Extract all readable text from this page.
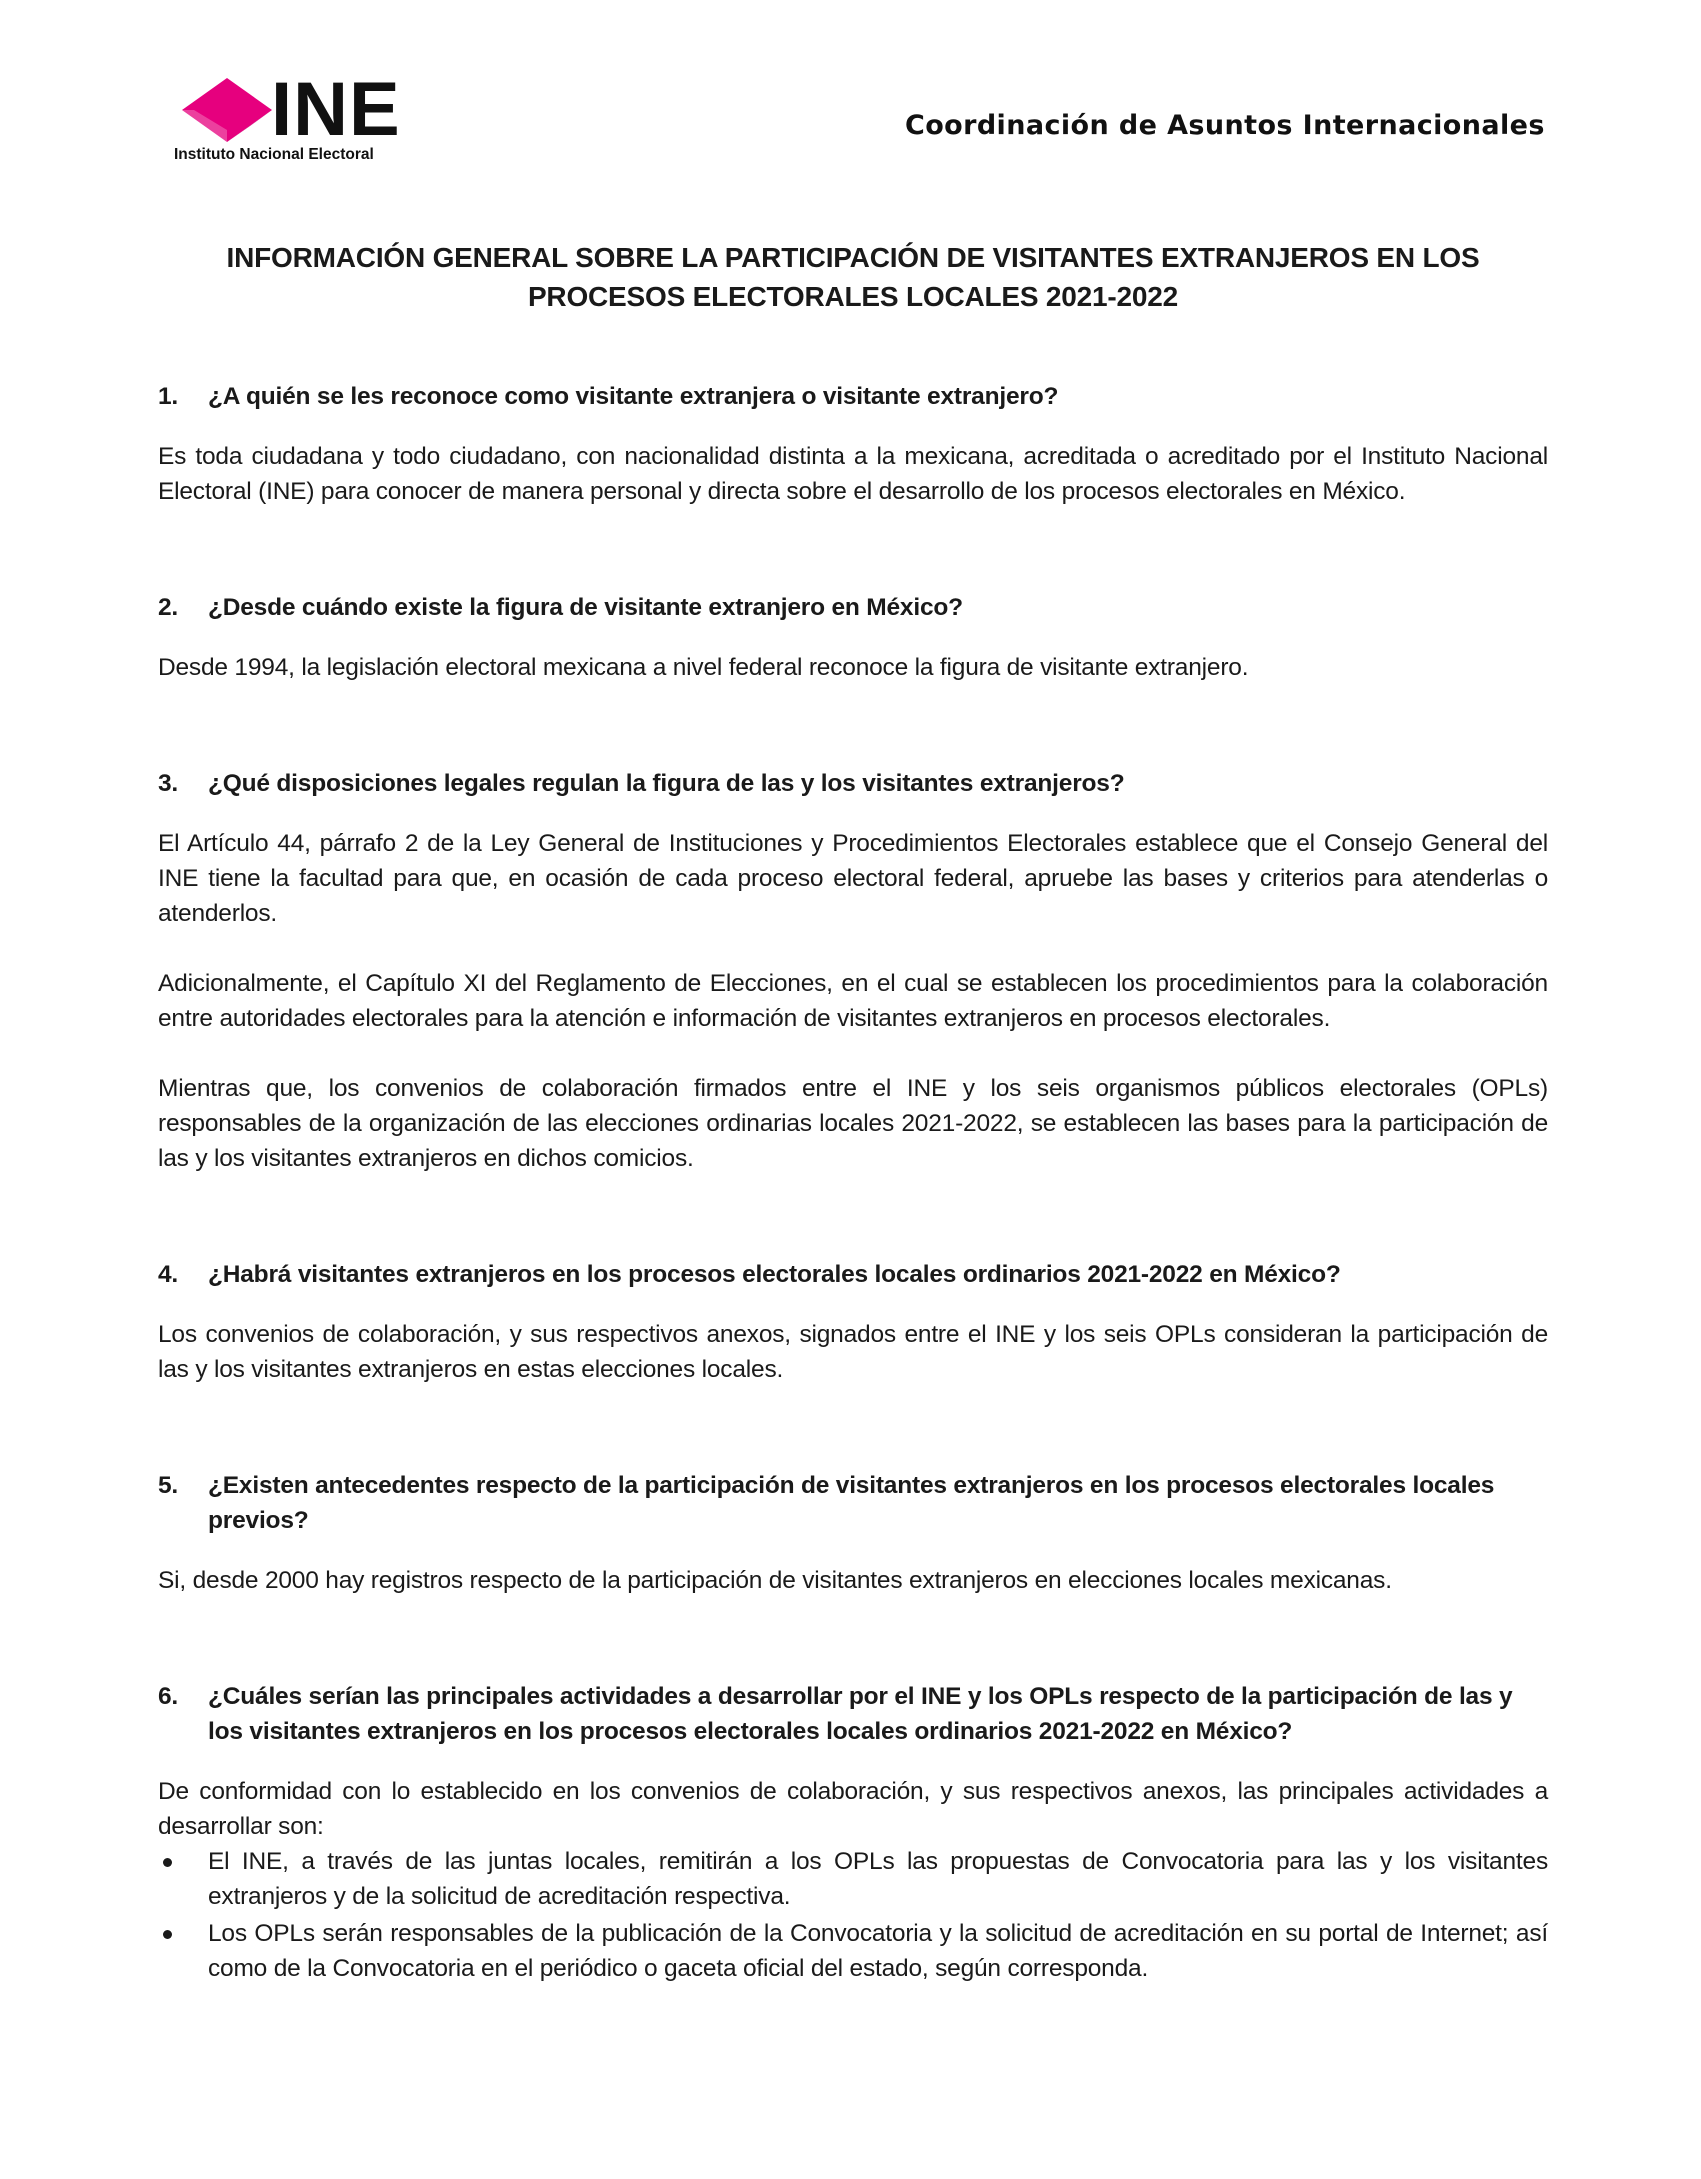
INE
Instituto Nacional Electoral
Coordinación de Asuntos Internacionales
INFORMACIÓN GENERAL SOBRE LA PARTICIPACIÓN DE VISITANTES EXTRANJEROS EN LOS
PROCESOS ELECTORALES LOCALES 2021-2022
1.	¿A quién se les reconoce como visitante extranjera o visitante extranjero?
Es toda ciudadana y todo ciudadano, con nacionalidad distinta a la mexicana, acreditada o acreditado por el Instituto Nacional Electoral (INE) para conocer de manera personal y directa sobre el desarrollo de los procesos electorales en México.
2.	¿Desde cuándo existe la figura de visitante extranjero en México?
Desde 1994, la legislación electoral mexicana a nivel federal reconoce la figura de visitante extranjero.
3.	¿Qué disposiciones legales regulan la figura de las y los visitantes extranjeros?
El Artículo 44, párrafo 2 de la Ley General de Instituciones y Procedimientos Electorales establece que el Consejo General del INE tiene la facultad para que, en ocasión de cada proceso electoral federal, apruebe las bases y criterios para atenderlas o atenderlos.
Adicionalmente, el Capítulo XI del Reglamento de Elecciones, en el cual se establecen los procedimientos para la colaboración entre autoridades electorales para la atención e información de visitantes extranjeros en procesos electorales.
Mientras que, los convenios de colaboración firmados entre el INE y los seis organismos públicos electorales (OPLs) responsables de la organización de las elecciones ordinarias locales 2021-2022, se establecen las bases para la participación de las y los visitantes extranjeros en dichos comicios.
4.	¿Habrá visitantes extranjeros en los procesos electorales locales ordinarios 2021-2022 en México?
Los convenios de colaboración, y sus respectivos anexos, signados entre el INE y los seis OPLs consideran la participación de las y los visitantes extranjeros en estas elecciones locales.
5.	¿Existen antecedentes respecto de la participación de visitantes extranjeros en los procesos electorales locales previos?
Si, desde 2000 hay registros respecto de la participación de visitantes extranjeros en elecciones locales mexicanas.
6.	¿Cuáles serían las principales actividades a desarrollar por el INE y los OPLs respecto de la participación de las y los visitantes extranjeros en los procesos electorales locales ordinarios 2021-2022 en México?
De conformidad con lo establecido en los convenios de colaboración, y sus respectivos anexos, las principales actividades a desarrollar son:
El INE, a través de las juntas locales, remitirán a los OPLs las propuestas de Convocatoria para las y los visitantes extranjeros y de la solicitud de acreditación respectiva.
Los OPLs serán responsables de la publicación de la Convocatoria y la solicitud de acreditación en su portal de Internet; así como de la Convocatoria en el periódico o gaceta oficial del estado, según corresponda.
